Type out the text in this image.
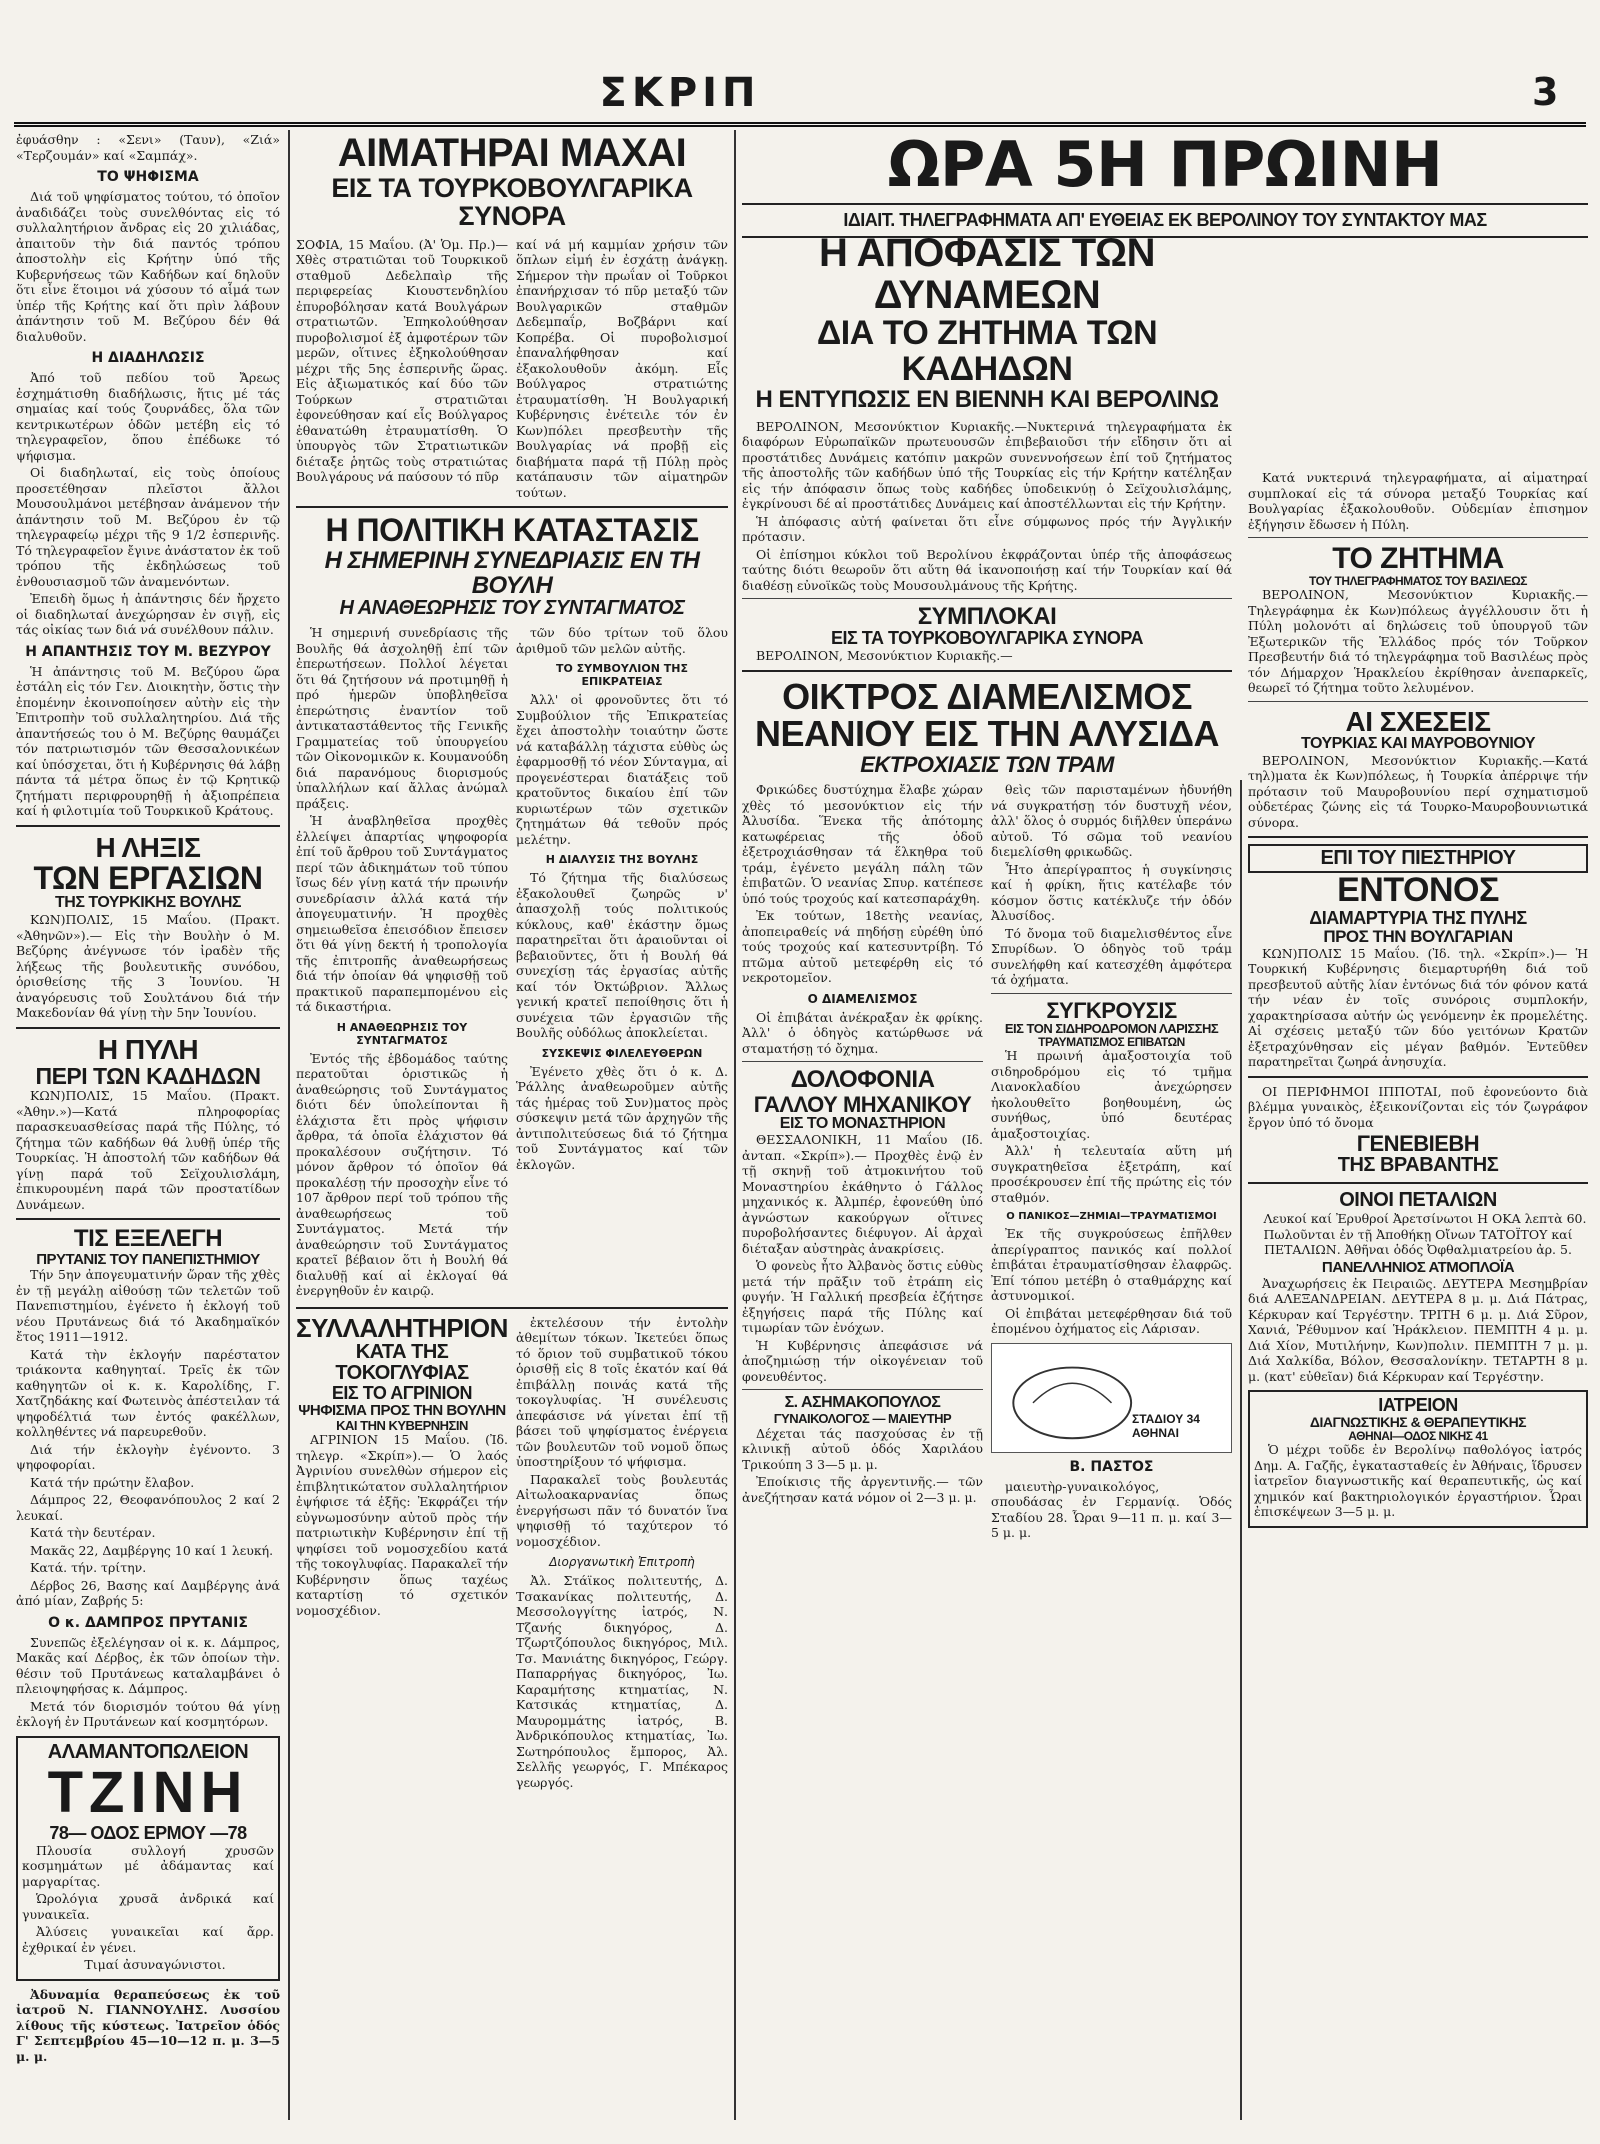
ΣΚΡΙΠ	3
ἐφυάσθην : «Σενι» (Ταυν), «Ζιά» «Τερζουμάν» καί «Σαμπάχ».
ΤΟ ΨΗΦΙΣΜΑ

Διά τοῦ ψηφίσματος τούτου, τό ὁποῖον ἀναδιδάζει τοὺς συνελθόντας εἰς τό συλλαλητήριον ἄνδρας εἰς 20 χιλιάδας, ἀπαιτοῦν τὴν διά παντός τρόπου ἀποστολὴν εἰς Κρήτην ὑπό τῆς Κυβερνήσεως τῶν Καδήδων καί δηλοῦν ὅτι εἶνε ἕτοιμοι νά χύσουν τό αἷμά των ὑπέρ τῆς Κρήτης καί ὅτι πρὶν λάβουν ἀπάντησιν τοῦ Μ. Βεζύρου δέν θά διαλυθοῦν.

Η ΔΙΑΔΗΛΩΣΙΣ

Ἀπό τοῦ πεδίου τοῦ Ἄρεως ἐσχημάτισθη διαδήλωσις, ἥτις μέ τάς σημαίας καί τούς ζουρνάδες, ὅλα τῶν κεντρικωτέρων ὁδῶν μετέβη εἰς τό τηλεγραφεῖον, ὅπου ἐπέδωκε τό ψήφισμα.

Οἱ διαδηλωταί, εἰς τοὺς ὁποίους προσετέθησαν πλεῖστοι ἄλλοι Μουσουλμάνοι μετέβησαν ἀνάμενον τήν ἀπάντησιν τοῦ Μ. Βεζύρου ἐν τῷ τηλεγραφείῳ μέχρι τῆς 9 1/2 ἑσπερινῆς. Τό τηλεγραφεῖον ἔγινε ἀνάστατον ἐκ τοῦ τρόπου τῆς ἐκδηλώσεως τοῦ ἐνθουσιασμοῦ τῶν ἀναμενόντων.

Ἐπειδὴ ὅμως ἡ ἀπάντησις δέν ἤρχετο οἱ διαδηλωταί ἀνεχώρησαν ἐν σιγῇ, εἰς τάς οἰκίας των διά νά συνέλθουν πάλιν.

Η ΑΠΑΝΤΗΣΙΣ ΤΟΥ Μ. ΒΕΖΥΡΟΥ

Ἡ ἀπάντησις τοῦ Μ. Βεζύρου ὥρα ἐστάλη εἰς τόν Γεν. Διοικητὴν, ὅστις τὴν ἐπομένην ἐκοινοποίησεν αὐτὴν εἰς τὴν Ἐπιτροπὴν τοῦ συλλαλητηρίου. Διά τῆς ἀπαντήσεώς του ὁ Μ. Βεζύρης θαυμάζει τόν πατριωτισμόν τῶν Θεσσαλονικέων καί ὑπόσχεται, ὅτι ἡ Κυβέρνησις θά λάβῃ πάντα τά μέτρα ὅπως ἐν τῷ Κρητικῷ ζητήματι περιφρουρηθῇ ἡ ἀξιοπρέπεια καί ἡ φιλοτιμία τοῦ Τουρκικοῦ Κράτους.

Η ΛΗΞΙΣ
ΤΩΝ ΕΡΓΑΣΙΩΝ
ΤΗΣ ΤΟΥΡΚΙΚΗΣ ΒΟΥΛΗΣ

ΚΩΝ)ΠΟΛΙΣ, 15 Μαΐου. (Πρακτ. «Ἀθηνῶν»).— Εἰς τὴν Βουλὴν ὁ Μ. Βεζύρης ἀνέγνωσε τόν ἰραδὲν τῆς λήξεως τῆς βουλευτικῆς συνόδου, ὁρισθείσης τῆς 3 Ἰουνίου. Ἡ ἀναγόρευσις τοῦ Σουλτάνου διά τήν Μακεδονίαν θά γίνῃ τὴν 5ην Ἰουνίου.

Η ΠΥΛΗ
ΠΕΡΙ ΤΩΝ ΚΑΔΗΔΩΝ

ΚΩΝ)ΠΟΛΙΣ, 15 Μαΐου. (Πρακτ. «Ἀθην.»)—Κατά πληροφορίας παρασκευασθείσας παρά τῆς Πύλης, τό ζήτημα τῶν καδήδων θά λυθῇ ὑπέρ τῆς Τουρκίας. Ἡ ἀποστολή τῶν καδήδων θά γίνῃ παρά τοῦ Σεϊχουλισλάμη, ἐπικυρουμένη παρά τῶν προστατίδων Δυνάμεων.

ΤΙΣ ΕΞΕΛΕΓΗ
ΠΡΥΤΑΝΙΣ ΤΟΥ ΠΑΝΕΠΙΣΤΗΜΙΟΥ

Τήν 5ην ἀπογευματινήν ὥραν τῆς χθὲς ἐν τῇ μεγάλῃ αἰθούσῃ τῶν τελετῶν τοῦ Πανεπιστημίου, ἐγένετο ἡ ἐκλογή τοῦ νέου Πρυτάνεως διά τό Ἀκαδημαϊκόν ἔτος 1911—1912.

Κατά τὴν ἐκλογήν παρέστατον τριάκοντα καθηγηταί. Τρεῖς ἐκ τῶν καθηγητῶν οἱ κ. κ. Καρολίδης, Γ. Χατζηδάκης καί Φωτεινὸς ἀπέστειλαν τά ψηφοδέλτιά των ἐντός φακέλλων, κολληθέντες νά παρευρεθοῦν.

Διά τήν ἐκλογὴν ἐγένοντο. 3 ψηφοφορίαι.

Κατά τήν πρώτην ἔλαβον.

Δάμπρος 22, Θεοφανόπουλος 2 καί 2 λευκαί.

Κατά τὴν δευτέραν.

Μακᾶς 22, Δαμβέργης 10 καί 1 λευκή.

Κατά. τήν. τρίτην.

Δέρβος 26, Βασης καί Δαμβέργης ἀνά ἀπό μίαν, Ζαβρής 5:

Ο κ. ΔΑΜΠΡΟΣ ΠΡΥΤΑΝΙΣ

Συνεπῶς ἐξελέγησαν οἱ κ. κ. Δάμπρος, Μακᾶς καί Δέρβος, ἐκ τῶν ὁποίων τὴν. θέσιν τοῦ Πρυτάνεως καταλαμβάνει ὁ πλειοψηφήσας κ. Δάμπρος.

Μετά τόν διορισμόν τούτου θά γίνῃ ἐκλογή ἐν Πρυτάνεων καί κοσμητόρων.

ΑΛΑΜΑΝΤΟΠΩΛΕΙΟΝ
ΤΖΙΝΗ
78— ΟΔΟΣ ΕΡΜΟΥ —78

Πλουσία συλλογή χρυσῶν κοσμημάτων μέ ἀδάμαντας καί μαργαρίτας.

Ὡρολόγια χρυσᾶ ἀνδρικά καί γυναικεῖα.

Ἀλύσεις γυναικεῖαι καί ἄρρ. ἐχθρικαί ἐν γένει.

Τιμαί ἀσυναγώνιστοι.

Ἀδυναμία θεραπεύσεως ἐκ τοῦ ἰατροῦ Ν. ΓΙΑΝΝΟΥΛΗΣ. Λυσσίου λίθους τῆς κύστεως. Ἰατρεῖον ὁδός Γ' Σεπτεμβρίου 45—10—12 π. μ. 3—5 μ. μ.

ΑΙΜΑΤΗΡΑΙ ΜΑΧΑΙ
ΕΙΣ ΤΑ ΤΟΥΡΚΟΒΟΥΛΓΑΡΙΚΑ ΣΥΝΟΡΑ
ΣΟΦΙΑ, 15 Μαΐου. (Ἀ' Ὁμ. Πρ.)— Χθὲς στρατιῶται τοῦ Τουρκικοῦ σταθμοῦ Δεδελπαὶρ τῆς περιφερείας Κιουστενδηλίου ἐπυροβόλησαν κατά Βουλγάρων στρατιωτῶν. Ἐπηκολούθησαν πυροβολισμοί ἐξ ἀμφοτέρων τῶν μερῶν, οἵτινες ἐξηκολούθησαν μέχρι τῆς 5ης ἑσπερινῆς ὥρας. Εἰς ἀξιωματικός καί δύο τῶν Τούρκων στρατιῶται ἐφονεύθησαν καί εἷς Βούλγαρος ἐθανατώθη ἐτραυματίσθη. Ὁ ὑπουργὸς τῶν Στρατιωτικῶν διέταξε ῥητῶς τοὺς στρατιώτας Βουλγάρους νά παύσουν τό πῦρ
καί νά μή καμμίαν χρήσιν τῶν ὅπλων εἰμή ἐν ἐσχάτῃ ἀνάγκῃ. Σήμερον τὴν πρωΐαν οἱ Τοῦρκοι ἐπανήρχισαν τό πῦρ μεταξύ τῶν Βουλγαρικῶν σταθμῶν Δεδεμπαΐρ, Βοζβάρνι καί Κοπρέβα. Οἱ πυροβολισμοί ἐπαναλήφθησαν καί ἐξακολουθοῦν ἀκόμη. Εἷς Βούλγαρος στρατιώτης ἐτραυματίσθη. Ἡ Βουλγαρική Κυβέρνησις ἐνέτειλε τόν ἐν Κων)πόλει πρεσβευτὴν τῆς Βουλγαρίας νά προβῇ εἰς διαβήματα παρά τῇ Πύλῃ πρὸς κατάπαυσιν τῶν αἱματηρῶν τούτων.
Η ΠΟΛΙΤΙΚΗ ΚΑΤΑΣΤΑΣΙΣ
Η ΣΗΜΕΡΙΝΗ ΣΥΝΕΔΡΙΑΣΙΣ ΕΝ ΤΗ ΒΟΥΛΗ
Η ΑΝΑΘΕΩΡΗΣΙΣ ΤΟΥ ΣΥΝΤΑΓΜΑΤΟΣ

Ἡ σημερινή συνεδρίασις τῆς Βουλῆς θά ἀσχοληθῇ ἐπί τῶν ἐπερωτήσεων. Πολλοί λέγεται ὅτι θά ζητήσουν νά προτιμηθῇ ἡ πρό ἡμερῶν ὑποβληθεῖσα ἐπερώτησις ἐναντίον τοῦ ἀντικαταστάθεντος τῆς Γενικῆς Γραμματείας τοῦ ὑπουργείου τῶν Οἰκονομικῶν κ. Κουμανούδη διά παρανόμους διορισμούς ὑπαλλήλων καί ἄλλας ἀνώμαλ πράξεις.

Ἡ ἀναβληθεῖσα προχθὲς ἐλλείψει ἀπαρτίας ψηφοφορία ἐπί τοῦ ἄρθρου τοῦ Συντάγματος περί τῶν ἀδικημάτων τοῦ τύπου ἴσως δέν γίνῃ κατά τήν πρωινήν συνεδρίασιν ἀλλά κατά τήν ἀπογευματινήν. Ἡ προχθὲς σημειωθεῖσα ἐπεισόδιον ἔπεισεν ὅτι θά γίνῃ δεκτή ἡ τροπολογία τῆς ἐπιτροπῆς ἀναθεωρήσεως διά τήν ὁποίαν θά ψηφισθῇ τοῦ πρακτικοῦ παραπεμπομένου εἰς τά δικαστήρια.

Η ΑΝΑΘΕΩΡΗΣΙΣ ΤΟΥ ΣΥΝΤΑΓΜΑΤΟΣ

Ἐντός τῆς ἑβδομάδος ταύτης περατοῦται ὁριστικῶς ἡ ἀναθεώρησις τοῦ Συντάγματος διότι δέν ὑπολείπονται ἢ ἐλάχιστα ἔτι πρὸς ψήφισιν ἄρθρα, τά ὁποῖα ἐλάχιστον θά προκαλέσουν συζήτησιν. Τό μόνον ἄρθρον τό ὁποῖον θά προκαλέσῃ τήν προσοχὴν εἶνε τό 107 ἄρθρον περί τοῦ τρόπου τῆς ἀναθεωρήσεως τοῦ Συντάγματος. Μετά τήν ἀναθεώρησιν τοῦ Συντάγματος κρατεῖ βέβαιον ὅτι ἡ Βουλή θά διαλυθῇ καί αἱ ἐκλογαί θά ἐνεργηθοῦν ἐν καιρῷ.

τῶν δύο τρίτων τοῦ ὅλου ἀριθμοῦ τῶν μελῶν αὐτῆς.

ΤΟ ΣΥΜΒΟΥΛΙΟΝ ΤΗΣ ΕΠΙΚΡΑΤΕΙΑΣ

Ἀλλ' οἱ φρονοῦντες ὅτι τό Συμβούλιον τῆς Ἐπικρατείας ἔχει ἀποστολὴν τοιαύτην ὥστε νά καταβάλλῃ τάχιστα εὐθὺς ὡς ἐφαρμοσθῇ τό νέον Σύνταγμα, αἱ προγενέστεραι διατάξεις τοῦ κρατοῦντος δικαίου ἐπί τῶν κυριωτέρων τῶν σχετικῶν ζητημάτων θά τεθοῦν πρός μελέτην.

Η ΔΙΑΛΥΣΙΣ ΤΗΣ ΒΟΥΛΗΣ

Τό ζήτημα τῆς διαλύσεως ἐξακολουθεῖ ζωηρῶς ν' ἀπασχολῇ τούς πολιτικούς κύκλους, καθ' ἑκάστην ὅμως παρατηρεῖται ὅτι ἀραιοῦνται οἱ βεβαιοῦντες, ὅτι ἡ Βουλή θά συνεχίσῃ τάς ἐργασίας αὐτῆς καί τόν Ὀκτώβριον. Ἄλλως γενική κρατεῖ πεποίθησις ὅτι ἡ συνέχεια τῶν ἐργασιῶν τῆς Βουλῆς οὐδόλως ἀποκλείεται.

ΣΥΣΚΕΨΙΣ ΦΙΛΕΛΕΥΘΕΡΩΝ

Ἐγένετο χθὲς ὅτι ὁ κ. Δ. Ῥάλλης ἀναθεωροῦμεν αὐτῆς τάς ἡμέρας τοῦ Συν)ματος πρὸς σύσκεψιν μετά τῶν ἀρχηγῶν τῆς ἀντιπολιτεύσεως διά τό ζήτημα τοῦ Συντάγματος καί τῶν ἐκλογῶν.

ΣΥΛΛΑΛΗΤΗΡΙΟΝ
ΚΑΤΑ ΤΗΣ ΤΟΚΟΓΛΥΦΙΑΣ
ΕΙΣ ΤΟ ΑΓΡΙΝΙΟΝ
ΨΗΦΙΣΜΑ ΠΡΟΣ ΤΗΝ ΒΟΥΛΗΝ
ΚΑΙ ΤΗΝ ΚΥΒΕΡΝΗΣΙΝ

ΑΓΡΙΝΙΟΝ 15 Μαΐου. (Ἰδ. τηλεγρ. «Σκρίπ»).— Ὁ λαός Ἀγρινίου συνελθὼν σήμερον εἰς ἐπιβλητικώτατον συλλαλητήριον ἐψήφισε τά ἑξῆς: Ἐκφράζει τήν εὐγνωμοσύνην αὐτοῦ πρὸς τήν πατριωτικὴν Κυβέρνησιν ἐπί τῇ ψηφίσει τοῦ νομοσχεδίου κατά τῆς τοκογλυφίας. Παρακαλεῖ τήν Κυβέρνησιν ὅπως ταχέως καταρτίσῃ τό σχετικόν νομοσχέδιον.

ἐκτελέσουν τήν ἐντολὴν ἀθεμίτων τόκων. Ἰκετεύει ὅπως τό ὅριον τοῦ συμβατικοῦ τόκου ὁρισθῇ εἰς 8 τοῖς ἑκατόν καί θά ἐπιβάλλῃ ποινάς κατά τῆς τοκογλυφίας. Ἡ συνέλευσις ἀπεφάσισε νά γίνεται ἐπί τῇ βάσει τοῦ ψηφίσματος ἐνέργεια τῶν βουλευτῶν τοῦ νομοῦ ὅπως ὑποστηρίξουν τό ψήφισμα.

Παρακαλεῖ τοὺς βουλευτάς Αἰτωλοακαρνανίας ὅπως ἐνεργήσωσι πᾶν τό δυνατόν ἵνα ψηφισθῇ τό ταχύτερον τό νομοσχέδιον.

Διοργανωτικὴ Ἐπιτροπὴ

Ἀλ. Στάϊκος πολιτευτής, Δ. Τσακανίκας πολιτευτής, Δ. Μεσσολογγίτης ἰατρός, Ν. Τζανής δικηγόρος, Δ. Τζωρτζόπουλος δικηγόρος, Μιλ. Τσ. Μανιάτης δικηγόρος, Γεώργ. Παπαρρήγας δικηγόρος, Ἰω. Καραμήτσης κτηματίας, Ν. Κατσικάς κτηματίας, Δ. Μαυρομμάτης ἰατρός, Β. Ἀνδρικόπουλος κτηματίας, Ἰω. Σωτηρόπουλος ἔμπορος, Ἀλ. Σελλῆς γεωργός, Γ. Μπέκαρος γεωργός.

ΩΡΑ 5Η ΠΡΩΙΝΗ
ΙΔΙΑΙΤ. ΤΗΛΕΓΡΑΦΗΜΑΤΑ ΑΠ' ΕΥΘΕΙΑΣ ΕΚ ΒΕΡΟΛΙΝΟΥ ΤΟΥ ΣΥΝΤΑΚΤΟΥ ΜΑΣ
Η ΑΠΟΦΑΣΙΣ ΤΩΝ ΔΥΝΑΜΕΩΝ
ΔΙΑ ΤΟ ΖΗΤΗΜΑ ΤΩΝ ΚΑΔΗΔΩΝ
Η ΕΝΤΥΠΩΣΙΣ ΕΝ ΒΙΕΝΝΗ ΚΑΙ ΒΕΡΟΛΙΝΩ

ΒΕΡΟΛΙΝΟΝ, Μεσονύκτιον Κυριακῆς.—Νυκτερινά τηλεγραφήματα ἐκ διαφόρων Εὐρωπαϊκῶν πρωτευουσῶν ἐπιβεβαιοῦσι τήν εἴδησιν ὅτι αἱ προστάτιδες Δυνάμεις κατόπιν μακρῶν συνεννοήσεων ἐπί τοῦ ζητήματος τῆς ἀποστολῆς τῶν καδήδων ὑπό τῆς Τουρκίας εἰς τήν Κρήτην κατέληξαν εἰς τήν ἀπόφασιν ὅπως τοὺς καδήδες ὑποδεικνύῃ ὁ Σεϊχουλισλάμης, ἐγκρίνουσι δέ αἱ προστάτιδες Δυνάμεις καί ἀποστέλλωνται εἰς τήν Κρήτην.

Ἡ ἀπόφασις αὐτή φαίνεται ὅτι εἶνε σύμφωνος πρός τήν Ἀγγλικήν πρότασιν.

Οἱ ἐπίσημοι κύκλοι τοῦ Βερολίνου ἐκφράζονται ὑπέρ τῆς ἀποφάσεως ταύτης διότι θεωροῦν ὅτι αὕτη θά ἱκανοποιήσῃ καί τήν Τουρκίαν καί θά διαθέσῃ εὐνοϊκῶς τοὺς Μουσουλμάνους τῆς Κρήτης.

ΣΥΜΠΛΟΚΑΙ
ΕΙΣ ΤΑ ΤΟΥΡΚΟΒΟΥΛΓΑΡΙΚΑ ΣΥΝΟΡΑ

ΒΕΡΟΛΙΝΟΝ, Μεσονύκτιον Κυριακῆς.—

ΟΙΚΤΡΟΣ ΔΙΑΜΕΛΙΣΜΟΣ
ΝΕΑΝΙΟΥ ΕΙΣ ΤΗΝ ΑΛΥΣΙΔΑ
ΕΚΤΡΟΧΙΑΣΙΣ ΤΩΝ ΤΡΑΜ

Φρικώδες δυστύχημα ἔλαβε χώραν χθὲς τό μεσονύκτιον εἰς τήν Ἀλυσίδα. Ἕνεκα τῆς ἀπότομης κατωφέρειας τῆς ὁδοῦ ἐξετροχιάσθησαν τά ἕλκηθρα τοῦ τράμ, ἐγένετο μεγάλη πάλη τῶν ἐπιβατῶν. Ὁ νεανίας Σπυρ. κατέπεσε ὑπό τούς τροχούς καί κατεσπαράχθη.

Ἐκ τούτων, 18ετὴς νεανίας, ἀποπειραθείς νά πηδήσῃ εὐρέθη ὑπό τούς τροχούς καί κατεσυντρίβη. Τό πτῶμα αὐτοῦ μετεφέρθη εἰς τό νεκροτομεῖον.

Ο ΔΙΑΜΕΛΙΣΜΟΣ

Οἱ ἐπιβάται ἀνέκραξαν ἐκ φρίκης. Ἀλλ' ὁ ὁδηγὸς κατώρθωσε νά σταματήσῃ τό ὄχημα.

ΔΟΛΟΦΟΝΙΑ
ΓΑΛΛΟΥ ΜΗΧΑΝΙΚΟΥ
ΕΙΣ ΤΟ ΜΟΝΑΣΤΗΡΙΟΝ

ΘΕΣΣΑΛΟΝΙΚΗ, 11 Μαΐου (Ιδ. ἀνταπ. «Σκρίπ»).— Προχθὲς ἐνῷ ἐν τῇ σκηνῇ τοῦ ἀτμοκινήτου τοῦ Μοναστηρίου ἐκάθηντο ὁ Γάλλος μηχανικός κ. Ἀλμπέρ, ἐφονεύθη ὑπό ἀγνώστων κακούργων οἵτινες πυροβολήσαντες διέφυγον. Αἱ ἀρχαὶ διέταξαν αὐστηρὰς ἀνακρίσεις.

Ὁ φονεὺς ἦτο Ἀλβανὸς ὅστις εὐθὺς μετά τήν πρᾶξιν τοῦ ἐτράπη εἰς φυγήν. Ἡ Γαλλική πρεσβεία ἐζήτησε ἐξηγήσεις παρά τῆς Πύλης καί τιμωρίαν τῶν ἐνόχων.

Ἡ Κυβέρνησις ἀπεφάσισε νά ἀποζημιώσῃ τήν οἰκογένειαν τοῦ φονευθέντος.

Σ. ΑΣΗΜΑΚΟΠΟΥΛΟΣ
ΓΥΝΑΙΚΟΛΟΓΟΣ — ΜΑΙΕΥΤΗΡ

Δέχεται τάς πασχούσας ἐν τῇ κλινικῇ αὐτοῦ ὁδός Χαριλάου Τρικούπη 3 3—5 μ. μ.

Ἐποίκισις τῆς ἀργεντινῆς.— τῶν ἀνεζήτησαν κατά νόμον οἱ 2—3 μ. μ.

θεὶς τῶν παρισταμένων ἠδυνήθη νά συγκρατήσῃ τόν δυστυχῆ νέον, ἀλλ' ὅλος ὁ συρμός διῆλθεν ὑπεράνω αὐτοῦ. Τό σῶμα τοῦ νεανίου διεμελίσθη φρικωδῶς.

Ἦτο ἀπερίγραπτος ἡ συγκίνησις καί ἡ φρίκη, ἥτις κατέλαβε τόν κόσμον ὅστις κατέκλυζε τήν ὁδόν Ἀλυσίδος.

Τό ὄνομα τοῦ διαμελισθέντος εἶνε Σπυρίδων. Ὁ ὁδηγὸς τοῦ τράμ συνελήφθη καί κατεσχέθη ἀμφότερα τά ὀχήματα.

ΣΥΓΚΡΟΥΣΙΣ
ΕΙΣ ΤΟΝ ΣΙΔΗΡΟΔΡΟΜΟΝ ΛΑΡΙΣΣΗΣ
ΤΡΑΥΜΑΤΙΣΜΟΣ ΕΠΙΒΑΤΩΝ

Ἡ πρωινή ἁμαξοστοιχία τοῦ σιδηροδρόμου εἰς τό τμῆμα Λιανοκλαδίου ἀνεχώρησεν ἠκολουθεῖτο βοηθουμένη, ὡς συνήθως, ὑπό δευτέρας ἁμαξοστοιχίας.

Ἀλλ' ἡ τελευταία αὕτη μή συγκρατηθεῖσα ἐξετράπη, καί προσέκρουσεν ἐπί τῆς πρώτης εἰς τόν σταθμόν.

Ο ΠΑΝΙΚΟΣ—ΖΗΜΙΑΙ—ΤΡΑΥΜΑΤΙΣΜΟΙ

Ἐκ τῆς συγκρούσεως ἐπῆλθεν ἀπερίγραπτος πανικός καί πολλοί ἐπιβάται ἐτραυματίσθησαν ἐλαφρῶς. Ἐπί τόπου μετέβη ὁ σταθμάρχης καί ἀστυνομικοί.

Οἱ ἐπιβάται μετεφέρθησαν διά τοῦ ἐπομένου ὀχήματος εἰς Λάρισαν.

ΣΤΑΔΙΟΥ 34 ΑΘΗΝΑΙ
Β. ΠΑΣΤΟΣ

μαιευτὴρ-γυναικολόγος, σπουδάσας ἐν Γερμανίᾳ. Ὁδός Σταδίου 28. Ὧραι 9—11 π. μ. καί 3—5 μ. μ.

Κατά νυκτερινά τηλεγραφήματα, αἱ αἱματηραί συμπλοκαί εἰς τά σύνορα μεταξύ Τουρκίας καί Βουλγαρίας ἐξακολουθοῦν. Οὐδεμίαν ἐπισημον ἐξήγησιν ἔδωσεν ἡ Πύλη.

ΤΟ ΖΗΤΗΜΑ
ΤΟΥ ΤΗΛΕΓΡΑΦΗΜΑΤΟΣ ΤΟΥ ΒΑΣΙΛΕΩΣ

ΒΕΡΟΛΙΝΟΝ, Μεσονύκτιον Κυριακῆς.—Τηλεγράφημα ἐκ Κων)πόλεως ἀγγέλλουσιν ὅτι ἡ Πύλη μολονότι αἱ δηλώσεις τοῦ ὑπουργοῦ τῶν Ἐξωτερικῶν τῆς Ἑλλάδος πρός τόν Τοῦρκον Πρεσβευτήν διά τό τηλεγράφημα τοῦ Βασιλέως πρὸς τόν Δήμαρχον Ἡρακλείου ἐκρίθησαν ἀνεπαρκεῖς, θεωρεῖ τό ζήτημα τοῦτο λελυμένον.

ΑΙ ΣΧΕΣΕΙΣ
ΤΟΥΡΚΙΑΣ ΚΑΙ ΜΑΥΡΟΒΟΥΝΙΟΥ

ΒΕΡΟΛΙΝΟΝ, Μεσονύκτιον Κυριακῆς.—Κατά τηλ)ματα ἐκ Κων)πόλεως, ἡ Τουρκία ἀπέρριψε τήν πρότασιν τοῦ Μαυροβουνίου περί σχηματισμοῦ οὐδετέρας ζώνης εἰς τά Τουρκο-Μαυροβουνιωτικά σύνορα.

ΕΠΙ ΤΟΥ ΠΙΕΣΤΗΡΙΟΥ
ΕΝΤΟΝΟΣ
ΔΙΑΜΑΡΤΥΡΙΑ ΤΗΣ ΠΥΛΗΣ
ΠΡΟΣ ΤΗΝ ΒΟΥΛΓΑΡΙΑΝ

ΚΩΝ)ΠΟΛΙΣ 15 Μαΐου. (Ἰδ. τηλ. «Σκρίπ».)— Ἡ Τουρκική Κυβέρνησις διεμαρτυρήθη διά τοῦ πρεσβευτοῦ αὐτῆς λίαν ἐντόνως διά τόν φόνον κατά τήν νέαν ἐν τοῖς συνόροις συμπλοκήν, χαρακτηρίσασα αὐτήν ὡς γενόμενην ἐκ προμελέτης. Αἱ σχέσεις μεταξύ τῶν δύο γειτόνων Κρατῶν ἐξετραχύνθησαν εἰς μέγαν βαθμόν. Ἐντεῦθεν παρατηρεῖται ζωηρά ἀνησυχία.

ΟΙ ΠΕΡΙΦΗΜΟΙ ΙΠΠΟΤΑΙ, ποῦ ἐφονεύοντο διὰ βλέμμα γυναικὸς, ἐξεικονίζονται εἰς τόν ζωγράφον ἔργον ὑπό τό ὄνομα

ΓΕΝΕΒΙΕΒΗ
ΤΗΣ ΒΡΑΒΑΝΤΗΣ
ΟΙΝΟΙ ΠΕΤΑΛΙΩΝ

Λευκοί καί Ἐρυθροί Ἀρετσίνωτοι Η ΟΚΑ λεπτὰ 60. Πωλοῦνται ἐν τῇ Ἀποθήκῃ Οἴνων ΤΑΤΟΪΤΟΥ καί ΠΕΤΑΛΙΩΝ. Ἀθῆναι ὁδός Ὀφθαλμιατρείου ἀρ. 5.

ΠΑΝΕΛΛΗΝΙΟΣ ΑΤΜΟΠΛΟΪΑ

Ἀναχωρήσεις ἐκ Πειραιῶς. ΔΕΥΤΕΡΑ Μεσημβρίαν διά ΑΛΕΞΑΝΔΡΕΙΑΝ. ΔΕΥΤΕΡΑ 8 μ. μ. Διά Πάτρας, Κέρκυραν καί Τεργέστην. ΤΡΙΤΗ 6 μ. μ. Διά Σῦρον, Χανιά, Ῥέθυμνον καί Ἡράκλειον. ΠΕΜΠΤΗ 4 μ. μ. Διά Χίον, Μυτιλήνην, Κων)πολιν. ΠΕΜΠΤΗ 7 μ. μ. Διά Χαλκίδα, Βόλον, Θεσσαλονίκην. ΤΕΤΑΡΤΗ 8 μ. μ. (κατ' εὐθεῖαν) διά Κέρκυραν καί Τεργέστην.

ΙΑΤΡΕΙΟΝ
ΔΙΑΓΝΩΣΤΙΚΗΣ & ΘΕΡΑΠΕΥΤΙΚΗΣ
ΑΘΗΝΑΙ—ΟΔΟΣ ΝΙΚΗΣ 41

Ὁ μέχρι τοῦδε ἐν Βερολίνῳ παθολόγος ἰατρός Δημ. Α. Γαζῆς, ἐγκατασταθείς ἐν Ἀθήναις, ἵδρυσεν ἰατρεῖον διαγνωστικῆς καί θεραπευτικῆς, ὡς καί χημικόν καί βακτηριολογικόν ἐργαστήριον. Ὧραι ἐπισκέψεων 3—5 μ. μ.
